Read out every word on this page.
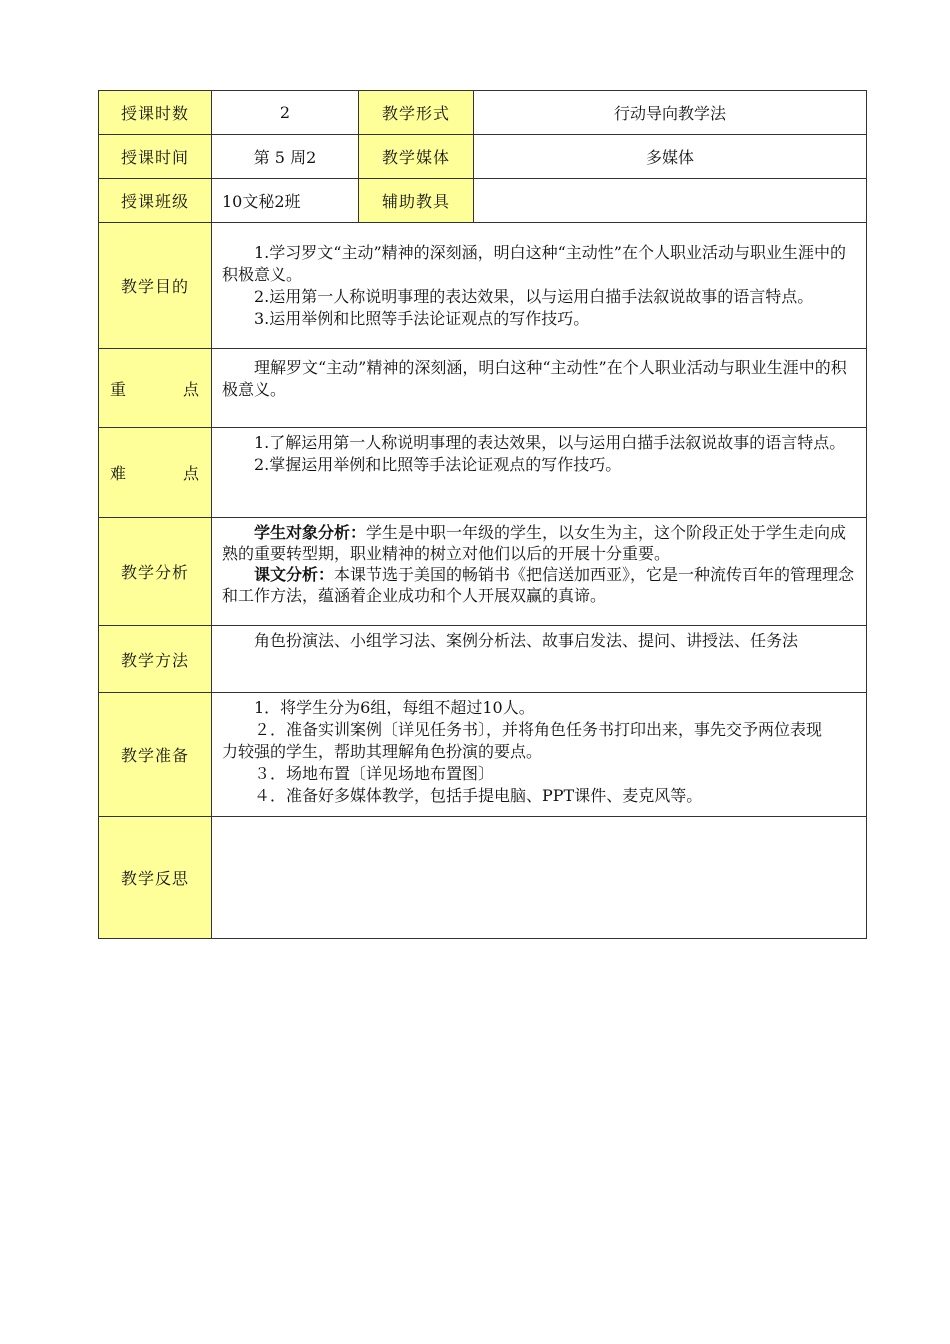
授课时数	2	教学形式	行动导向教学法
授课时间	第 5 周2	教学媒体	多媒体
授课班级	10文秘2班	辅助教具	
教学目的	1.学习罗文“主动”精神的深刻涵，明白这种“主动性”在个人职业活动与职业生涯中的积极意义。

2.运用第一人称说明事理的表达效果，以与运用白描手法叙说故事的语言特点。

3.运用举例和比照等手法论证观点的写作技巧。		

重　　点	理解罗文“主动”精神的深刻涵，明白这种“主动性”在个人职业活动与职业生涯中的积极意义。		

难　　点	1.了解运用第一人称说明事理的表达效果，以与运用白描手法叙说故事的语言特点。

2.掌握运用举例和比照等手法论证观点的写作技巧。		

教学分析	学生对象分析：学生是中职一年级的学生，以女生为主，这个阶段正处于学生走向成熟的重要转型期，职业精神的树立对他们以后的开展十分重要。

课文分析：本课节选于美国的畅销书《把信送加西亚》，它是一种流传百年的管理理念和工作方法，蕴涵着企业成功和个人开展双赢的真谛。		

教学方法	角色扮演法、小组学习法、案例分析法、故事启发法、提问、讲授法、任务法		

教学准备	1．将学生分为6组，每组不超过10人。

２．准备实训案例〔详见任务书〕，并将角色任务书打印出来，事先交予两位表现力较强的学生，帮助其理解角色扮演的要点。

３．场地布置〔详见场地布置图〕

４．准备好多媒体教学，包括手提电脑、PPT课件、麦克风等。		

教学反思			
